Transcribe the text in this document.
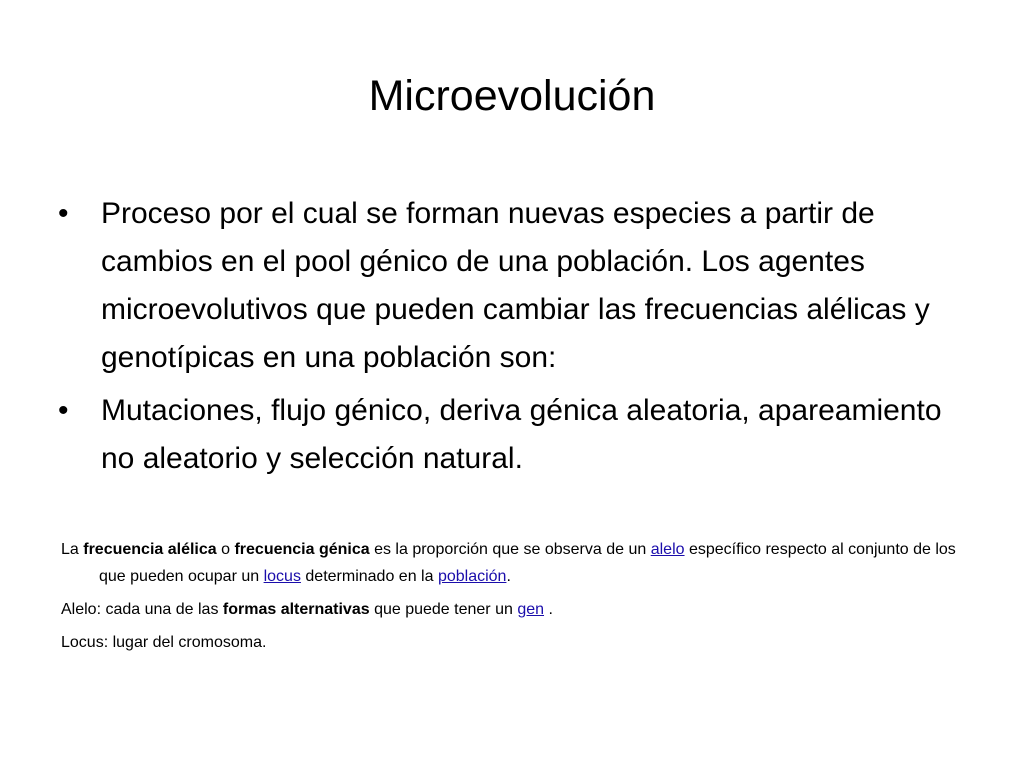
Microevolución
•	Proceso por el cual se forman nuevas especies a partir de cambios en el pool génico de una población. Los agentes microevolutivos que pueden cambiar las frecuencias alélicas y genotípicas en una población son:
•	Mutaciones, flujo génico, deriva génica aleatoria, apareamiento no aleatorio y selección natural.
La frecuencia alélica o frecuencia génica es la proporción que se observa de un alelo específico respecto al conjunto de los que pueden ocupar un locus determinado en la población.
Alelo: cada una de las formas alternativas que puede tener un gen .
Locus: lugar del cromosoma.
